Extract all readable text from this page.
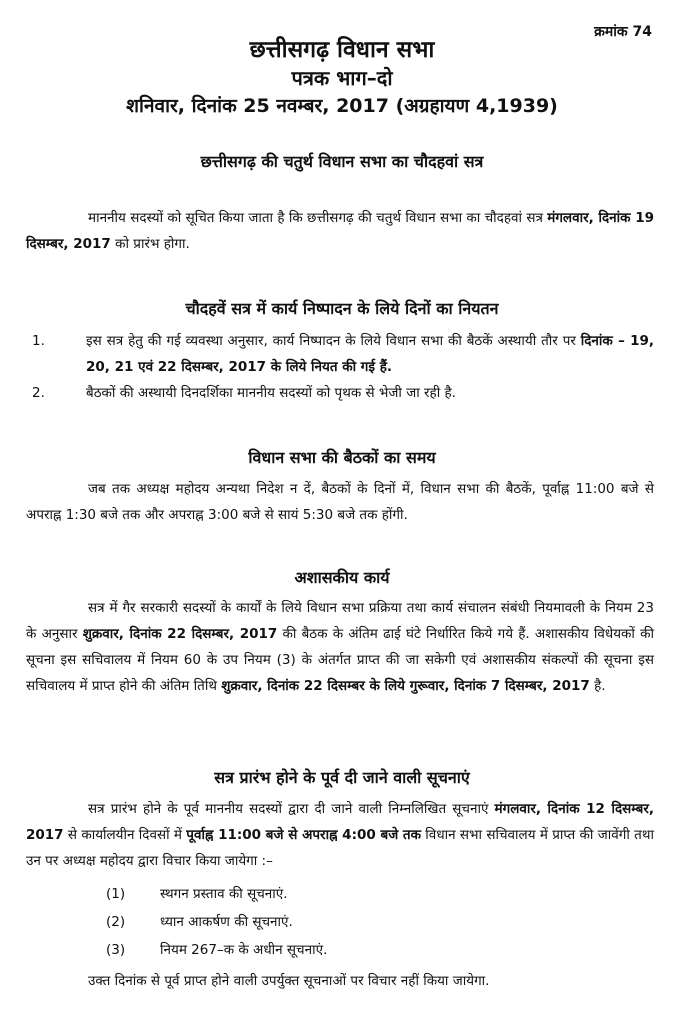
क्रमांक 74
छत्तीसगढ़ विधान सभा
पत्रक भाग–दो
शनिवार, दिनांक 25 नवम्बर, 2017 (अग्रहायण 4,1939)
छत्तीसगढ़ की चतुर्थ विधान सभा का चौदहवां सत्र
माननीय सदस्यों को सूचित किया जाता है कि छत्तीसगढ़ की चतुर्थ विधान सभा का चौदहवां सत्र मंगलवार, दिनांक 19 दिसम्बर, 2017 को प्रारंभ होगा.
चौदहवें सत्र में कार्य निष्पादन के लिये दिनों का नियतन
1.	इस सत्र हेतु की गई व्यवस्था अनुसार, कार्य निष्पादन के लिये विधान सभा की बैठकें अस्थायी तौर पर दिनांक – 19, 20, 21 एवं 22 दिसम्बर, 2017 के लिये नियत की गई हैं.
2.	बैठकों की अस्थायी दिनदर्शिका माननीय सदस्यों को पृथक से भेजी जा रही है.
विधान सभा की बैठकों का समय
जब तक अध्यक्ष महोदय अन्यथा निदेश न दें, बैठकों के दिनों में, विधान सभा की बैठकें, पूर्वाह्न 11:00 बजे से अपराह्न 1:30 बजे तक और अपराह्न 3:00 बजे से सायं 5:30 बजे तक होंगी.
अशासकीय कार्य
सत्र में गैर सरकारी सदस्यों के कार्यों के लिये विधान सभा प्रक्रिया तथा कार्य संचालन संबंधी नियमावली के नियम 23 के अनुसार शुक्रवार, दिनांक 22 दिसम्बर, 2017 की बैठक के अंतिम ढाई घंटे निर्धारित किये गये हैं. अशासकीय विधेयकों की सूचना इस सचिवालय में नियम 60 के उप नियम (3) के अंतर्गत प्राप्त की जा सकेगी एवं अशासकीय संकल्पों की सूचना इस सचिवालय में प्राप्त होने की अंतिम तिथि शुक्रवार, दिनांक 22 दिसम्बर के लिये गुरूवार, दिनांक 7 दिसम्बर, 2017 है.
सत्र प्रारंभ होने के पूर्व दी जाने वाली सूचनाएं
सत्र प्रारंभ होने के पूर्व माननीय सदस्यों द्वारा दी जाने वाली निम्नलिखित सूचनाएं मंगलवार, दिनांक 12 दिसम्बर, 2017 से कार्यालयीन दिवसों में पूर्वाह्न 11:00 बजे से अपराह्न 4:00 बजे तक विधान सभा सचिवालय में प्राप्त की जावेंगी तथा उन पर अध्यक्ष महोदय द्वारा विचार किया जायेगा :–
(1)	स्थगन प्रस्ताव की सूचनाएं.
(2)	ध्यान आकर्षण की सूचनाएं.
(3)	नियम 267–क के अधीन सूचनाएं.
उक्त दिनांक से पूर्व प्राप्त होने वाली उपर्युक्त सूचनाओं पर विचार नहीं किया जायेगा.
